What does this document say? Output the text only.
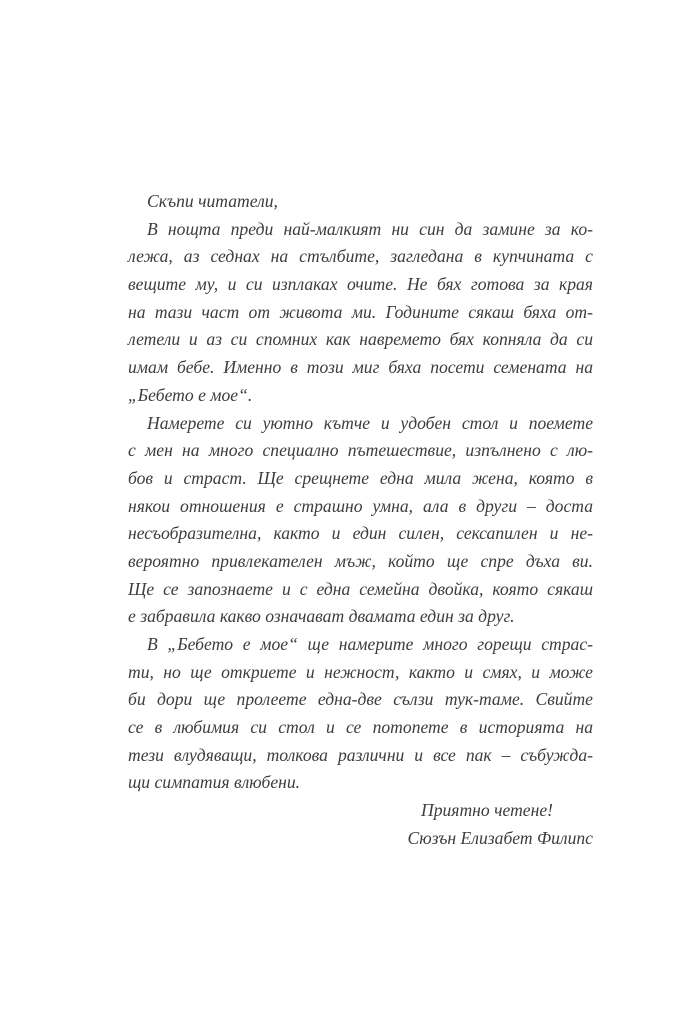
Скъпи читатели,
В нощта преди най-малкият ни син да замине за ко-
лежа, аз седнах на стълбите, загледана в купчината с
вещите му, и си изплаках очите. Не бях готова за края
на тази част от живота ми. Годините сякаш бяха от-
летели и аз си спомних как навремето бях копняла да си
имам бебе. Именно в този миг бяха посети семената на
„Бебето е мое“.
Намерете си уютно кътче и удобен стол и поемете
с мен на много специално пътешествие, изпълнено с лю-
бов и страст. Ще срещнете една мила жена, която в
някои отношения е страшно умна, ала в други – доста
несъобразителна, както и един силен, сексапилен и не-
вероятно привлекателен мъж, който ще спре дъха ви.
Ще се запознаете и с една семейна двойка, която сякаш
е забравила какво означават двамата един за друг.
В „Бебето е мое“ ще намерите много горещи страс-
ти, но ще откриете и нежност, както и смях, и може
би дори ще пролеете една-две сълзи тук-таме. Свийте
се в любимия си стол и се потопете в историята на
тези влудяващи, толкова различни и все пак – събужда-
щи симпатия влюбени.
Приятно четене!
Сюзън Елизабет Филипс
